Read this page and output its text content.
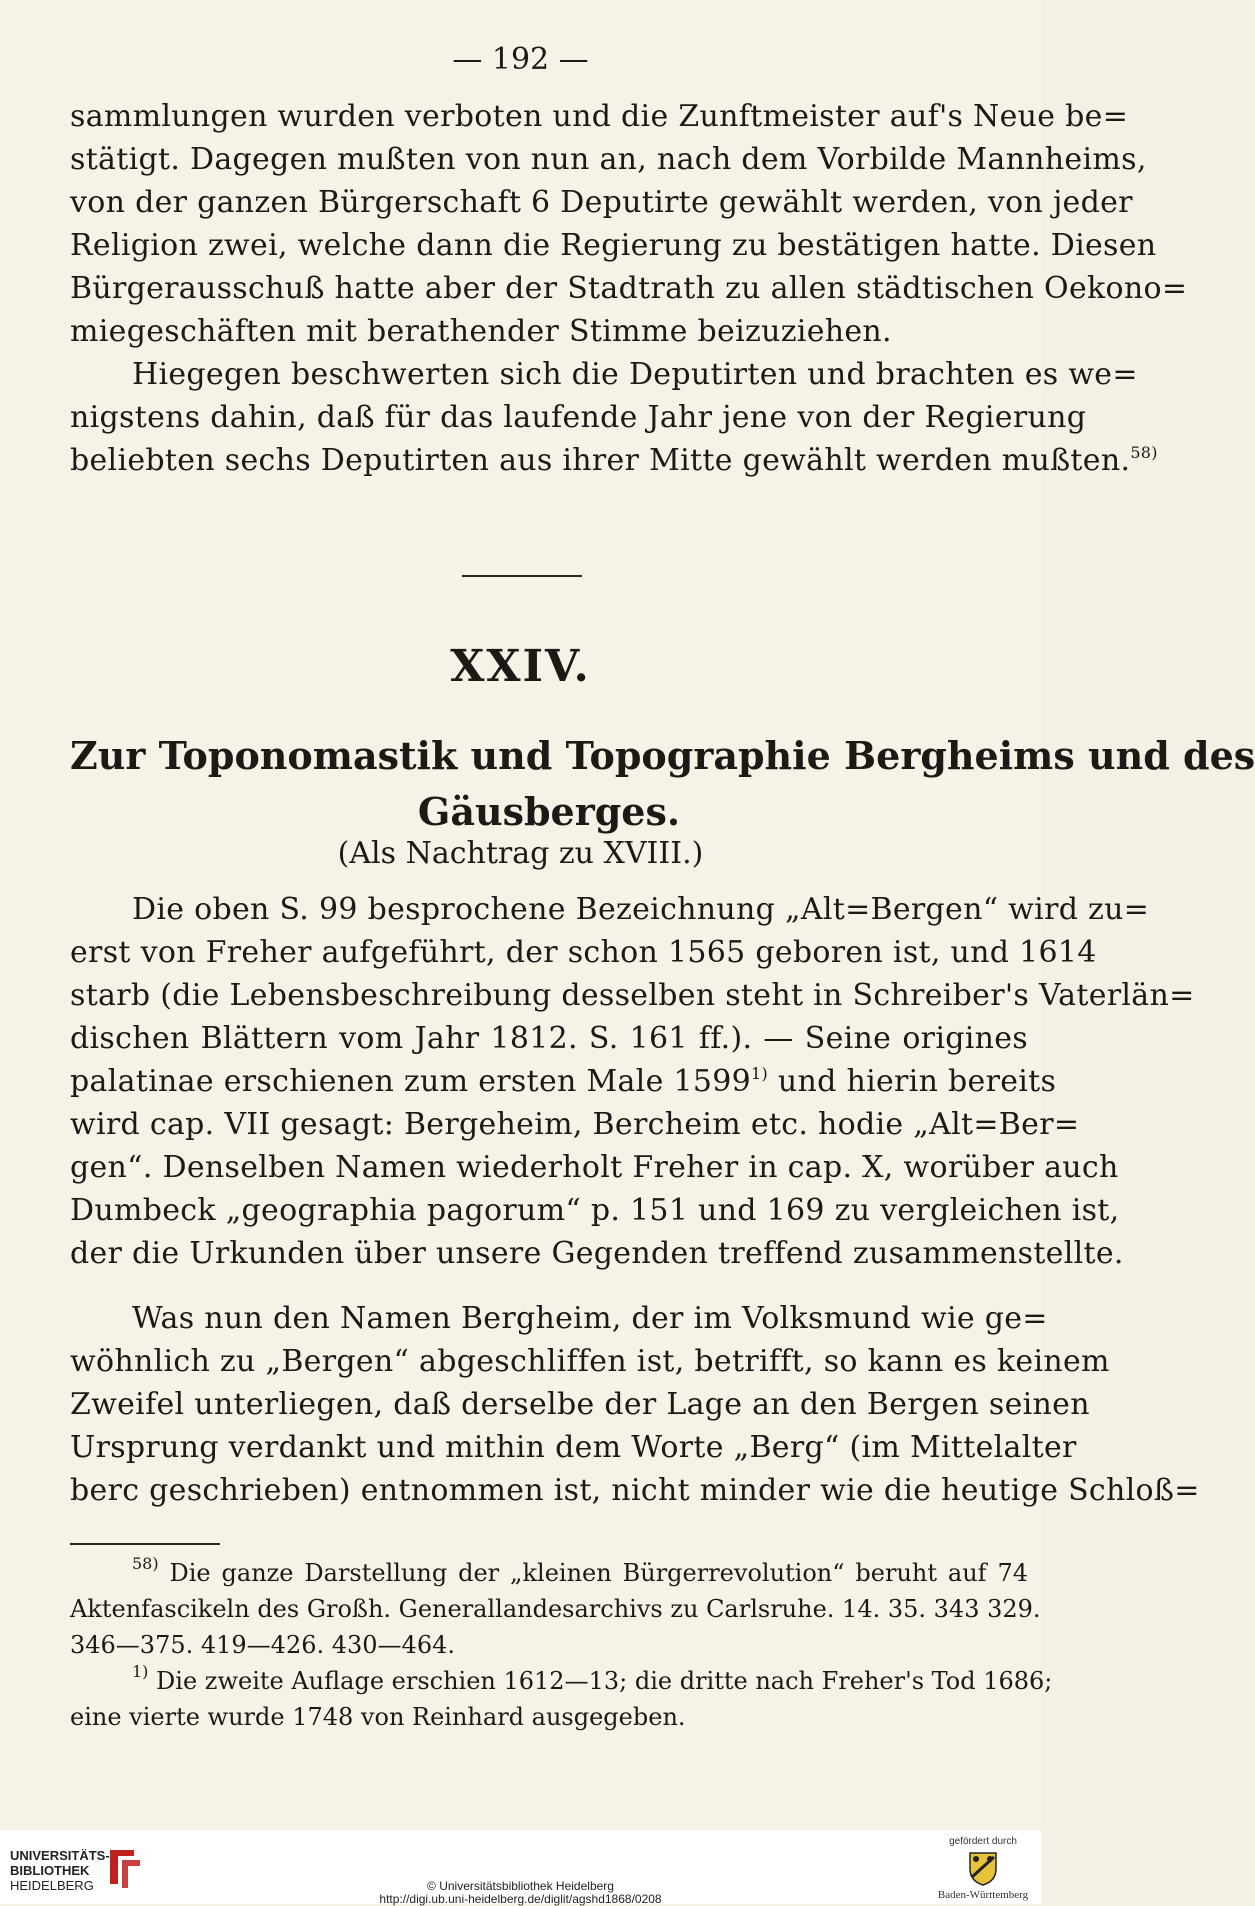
— 192 —
sammlungen wurden verboten und die Zunftmeister auf's Neue be=
stätigt. Dagegen mußten von nun an, nach dem Vorbilde Mannheims,
von der ganzen Bürgerschaft 6 Deputirte gewählt werden, von jeder
Religion zwei, welche dann die Regierung zu bestätigen hatte. Diesen
Bürgerausschuß hatte aber der Stadtrath zu allen städtischen Oekono=
miegeschäften mit berathender Stimme beizuziehen.
Hiegegen beschwerten sich die Deputirten und brachten es we=
nigstens dahin, daß für das laufende Jahr jene von der Regierung
beliebten sechs Deputirten aus ihrer Mitte gewählt werden mußten.$^{58)}$
XXIV.
Zur Toponomastik und Topographie Bergheims und des
Gäusberges.
(Als Nachtrag zu XVIII.)
Die oben S. 99 besprochene Bezeichnung „Alt=Bergen“ wird zu=
erst von Freher aufgeführt, der schon 1565 geboren ist, und 1614
starb (die Lebensbeschreibung desselben steht in Schreiber's Vaterlän=
dischen Blättern vom Jahr 1812. S. 161 ff.). — Seine origines
palatinae erschienen zum ersten Male 1599$^{1)}$ und hierin bereits
wird cap. VII gesagt: Bergeheim, Bercheim etc. hodie „Alt=Ber=
gen“. Denselben Namen wiederholt Freher in cap. X, worüber auch
Dumbeck „geographia pagorum“ p. 151 und 169 zu vergleichen ist,
der die Urkunden über unsere Gegenden treffend zusammenstellte.
Was nun den Namen Bergheim, der im Volksmund wie ge=
wöhnlich zu „Bergen“ abgeschliffen ist, betrifft, so kann es keinem
Zweifel unterliegen, daß derselbe der Lage an den Bergen seinen
Ursprung verdankt und mithin dem Worte „Berg“ (im Mittelalter
berc geschrieben) entnommen ist, nicht minder wie die heutige Schloß=
$^{58)}$ Die ganze Darstellung der „kleinen Bürgerrevolution“ beruht auf 74
Aktenfascikeln des Großh. Generallandesarchivs zu Carlsruhe. 14. 35. 343 329.
346—375. 419—426. 430—464.
$^{1)}$ Die zweite Auflage erschien 1612—13; die dritte nach Freher's Tod 1686;
eine vierte wurde 1748 von Reinhard ausgegeben.
UNIVERSITÄTS-
BIBLIOTHEK
HEIDELBERG	© Universitätsbibliothek Heidelberg
http://digi.ub.uni-heidelberg.de/diglit/agshd1868/0208
gefördert durch
Baden-Württemberg
